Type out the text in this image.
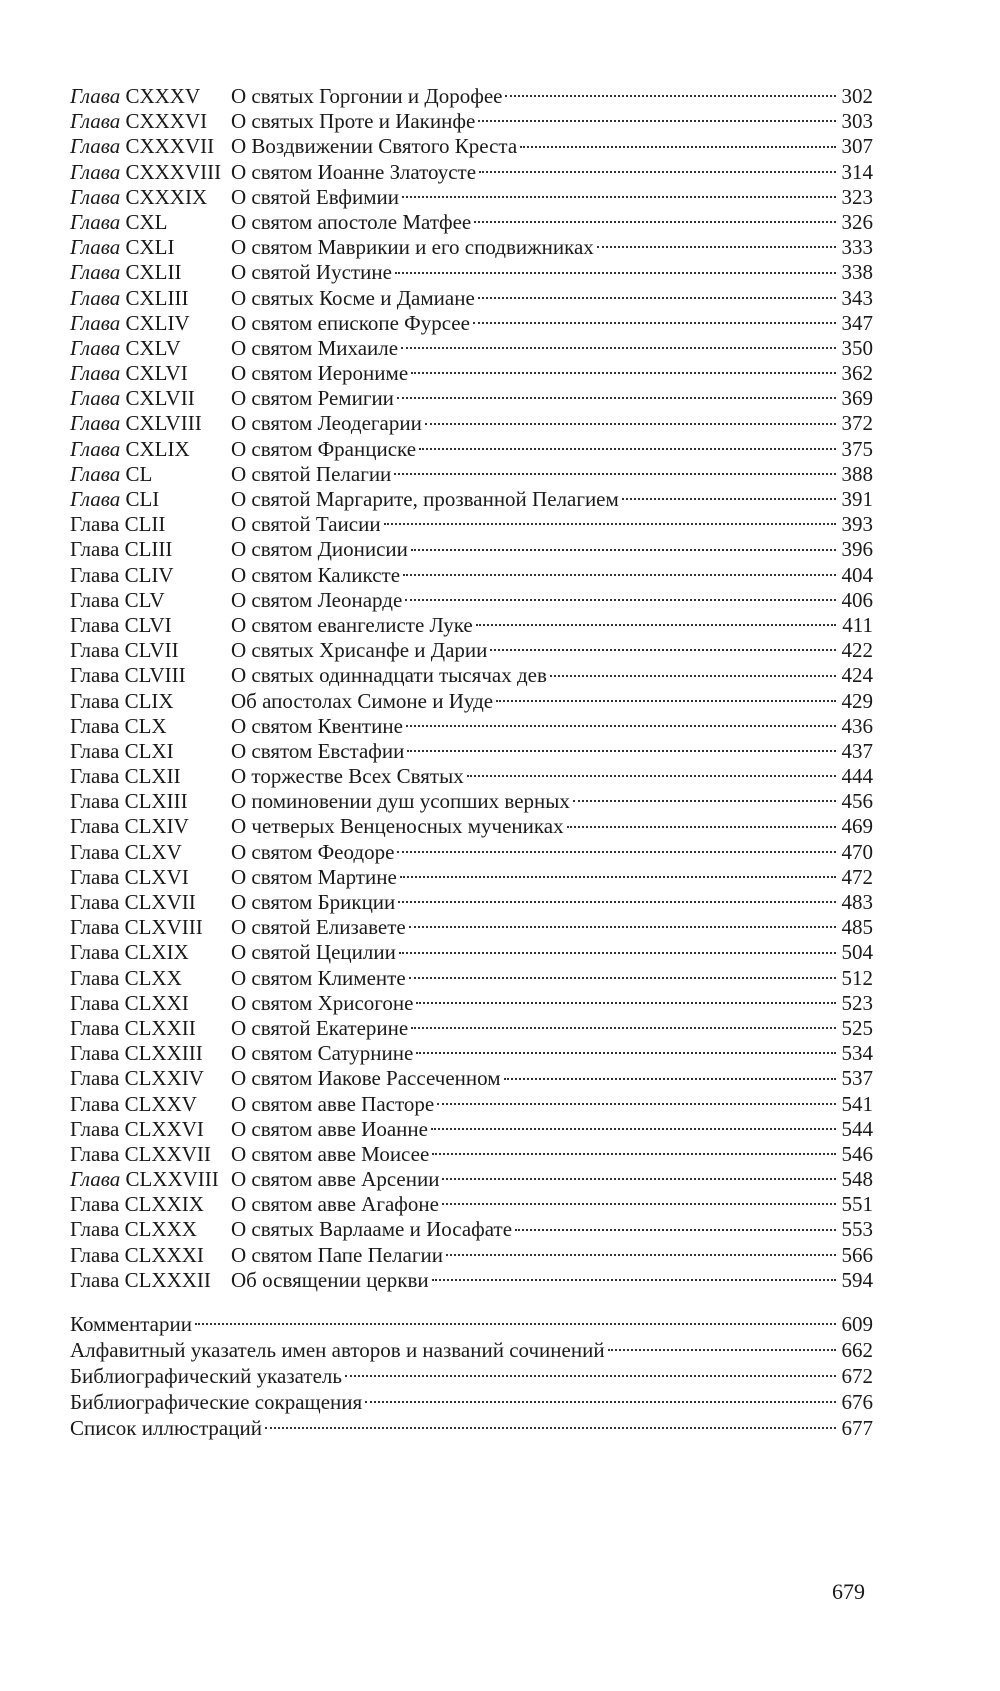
Глава CXXXV	О святых Горгонии и Дорофее	302
Глава CXXXVI	О святых Проте и Иакинфе	303
Глава CXXXVII О Воздвижении Святого Креста	307
Глава CXXXVIII О святом Иоанне Златоусте	314
Глава CXXXIX	О святой Евфимии	323
Глава CXL	О святом апостоле Матфее	326
Глава CXLI	О святом Маврикии и его сподвижниках	333
Глава CXLII	О святой Иустине	338
Глава CXLIII	О святых Косме и Дамиане	343
Глава CXLIV	О святом епископе Фурсее	347
Глава CXLV	О святом Михаиле	350
Глава CXLVI	О святом Иерониме	362
Глава CXLVII	О святом Ремигии	369
Глава CXLVIII	О святом Леодегарии	372
Глава CXLIX	О святом Франциске	375
Глава CL	О святой Пелагии	388
Глава CLI	О святой Маргарите, прозванной Пелагием	391
Глава CLII	О святой Таисии	393
Глава CLIII	О святом Дионисии	396
Глава CLIV	О святом Каликсте	404
Глава CLV	О святом Леонарде	406
Глава CLVI	О святом евангелисте Луке	411
Глава CLVII	О святых Хрисанфе и Дарии	422
Глава CLVIII	О святых одиннадцати тысячах дев	424
Глава CLIX	Об апостолах Симоне и Иуде	429
Глава CLX	О святом Квентине	436
Глава CLXI	О святом Евстафии	437
Глава CLXII	О торжестве Всех Святых	444
Глава CLXIII	О поминовении душ усопших верных	456
Глава CLXIV	О четверых Венценосных мучениках	469
Глава CLXV	О святом Феодоре	470
Глава CLXVI	О святом Мартине	472
Глава CLXVII	О святом Брикции	483
Глава CLXVIII	О святой Елизавете	485
Глава CLXIX	О святой Цецилии	504
Глава CLXX	О святом Клименте	512
Глава CLXXI	О святом Хрисогоне	523
Глава CLXXII	О святой Екатерине	525
Глава CLXXIII	О святом Сатурнине	534
Глава CLXXIV	О святом Иакове Рассеченном	537
Глава CLXXV	О святом авве Пасторе	541
Глава CLXXVI	О святом авве Иоанне	544
Глава CLXXVII О святом авве Моисее	546
Глава CLXXVIII О святом авве Арсении	548
Глава CLXXIX	О святом авве Агафоне	551
Глава CLXXX	О святых Варлааме и Иосафате	553
Глава CLXXXI	О святом Папе Пелагии	566
Глава CLXXXII Об освящении церкви	594
Комментарии	609
Алфавитный указатель имен авторов и названий сочинений	662
Библиографический указатель	672
Библиографические сокращения	676
Список иллюстраций	677
679
